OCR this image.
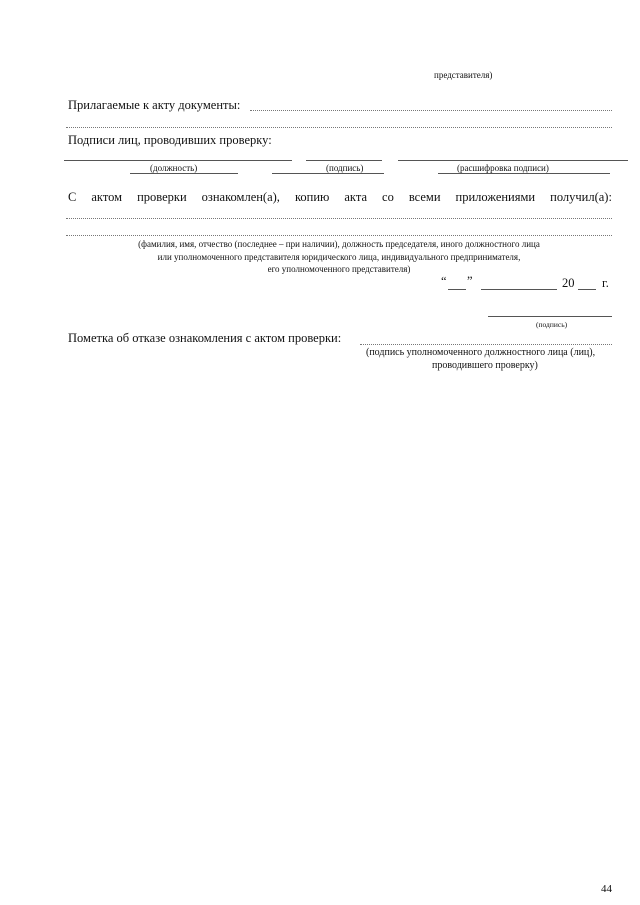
представителя)
Прилагаемые к акту документы:
Подписи лиц, проводивших проверку:
(должность)	(подпись)	(расшифровка подписи)
С актом проверки ознакомлен(а), копию акта со всеми приложениями получил(а):
(фамилия, имя, отчество (последнее – при наличии), должность председателя, иного должностного лица
или уполномоченного представителя юридического лица, индивидуального предпринимателя,
его уполномоченного представителя)
“ ”	20 г.
(подпись)
Пометка об отказе ознакомления с актом проверки:
(подпись уполномоченного должностного лица (лиц),
проводившего проверку)
44
